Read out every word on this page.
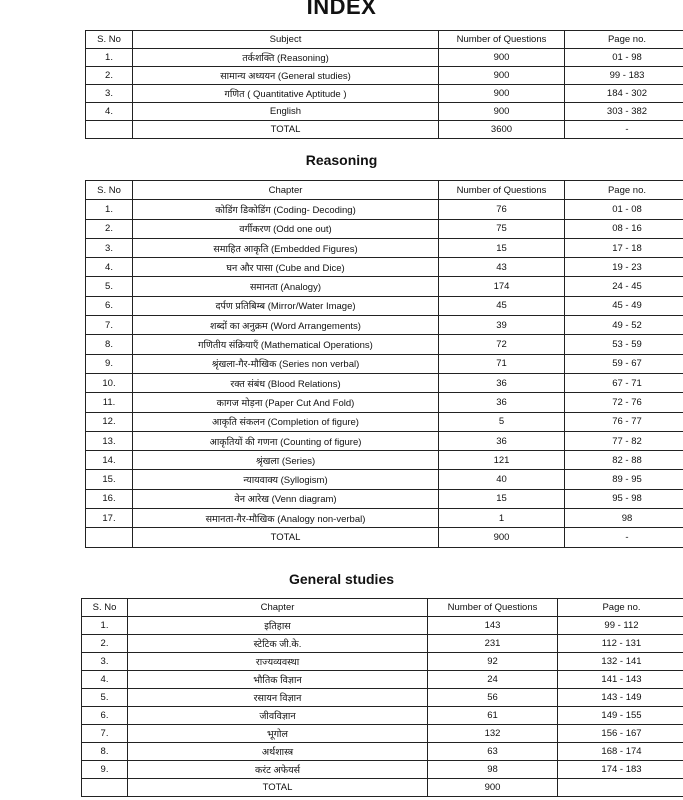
INDEX
S. No	Subject	Number of Questions	Page no.
1.	तर्कशक्ति (Reasoning)	900	01 - 98
2.	सामान्य अध्ययन (General studies)	900	99 - 183
3.	गणित ( Quantitative Aptitude )	900	184 - 302
4.	English	900	303 - 382
	TOTAL	3600	-
Reasoning
S. No	Chapter	Number of Questions	Page no.
1.	कोडिंग डिकोडिंग (Coding- Decoding)	76	01 - 08
2.	वर्गीकरण (Odd one out)	75	08 - 16
3.	समाहित आकृति (Embedded Figures)	15	17 - 18
4.	घन और पासा (Cube and Dice)	43	19 - 23
5.	समानता (Analogy)	174	24 - 45
6.	दर्पण प्रतिबिम्ब (Mirror/Water Image)	45	45 - 49
7.	शब्दों का अनुक्रम (Word Arrangements)	39	49 - 52
8.	गणितीय संक्रियाएँ (Mathematical Operations)	72	53 - 59
9.	श्रृंखला-गैर-मौखिक (Series non verbal)	71	59 - 67
10.	रक्त संबंध (Blood Relations)	36	67 - 71
11.	कागज मोड़ना (Paper Cut And Fold)	36	72 - 76
12.	आकृति संकलन (Completion of figure)	5	76 - 77
13.	आकृतियों की गणना (Counting of figure)	36	77 - 82
14.	श्रृंखला (Series)	121	82 - 88
15.	न्यायवाक्य (Syllogism)	40	89 - 95
16.	वेन आरेख (Venn diagram)	15	95 - 98
17.	समानता-गैर-मौखिक (Analogy non-verbal)	1	98
	TOTAL	900	-
General studies
S. No	Chapter	Number of Questions	Page no.
1.	इतिहास	143	99 - 112
2.	स्टेटिक जी.के.	231	112 - 131
3.	राज्यव्यवस्था	92	132 - 141
4.	भौतिक विज्ञान	24	141 - 143
5.	रसायन विज्ञान	56	143 - 149
6.	जीवविज्ञान	61	149 - 155
7.	भूगोल	132	156 - 167
8.	अर्थशास्त्र	63	168 - 174
9.	करंट अफेयर्स	98	174 - 183
	TOTAL	900	
